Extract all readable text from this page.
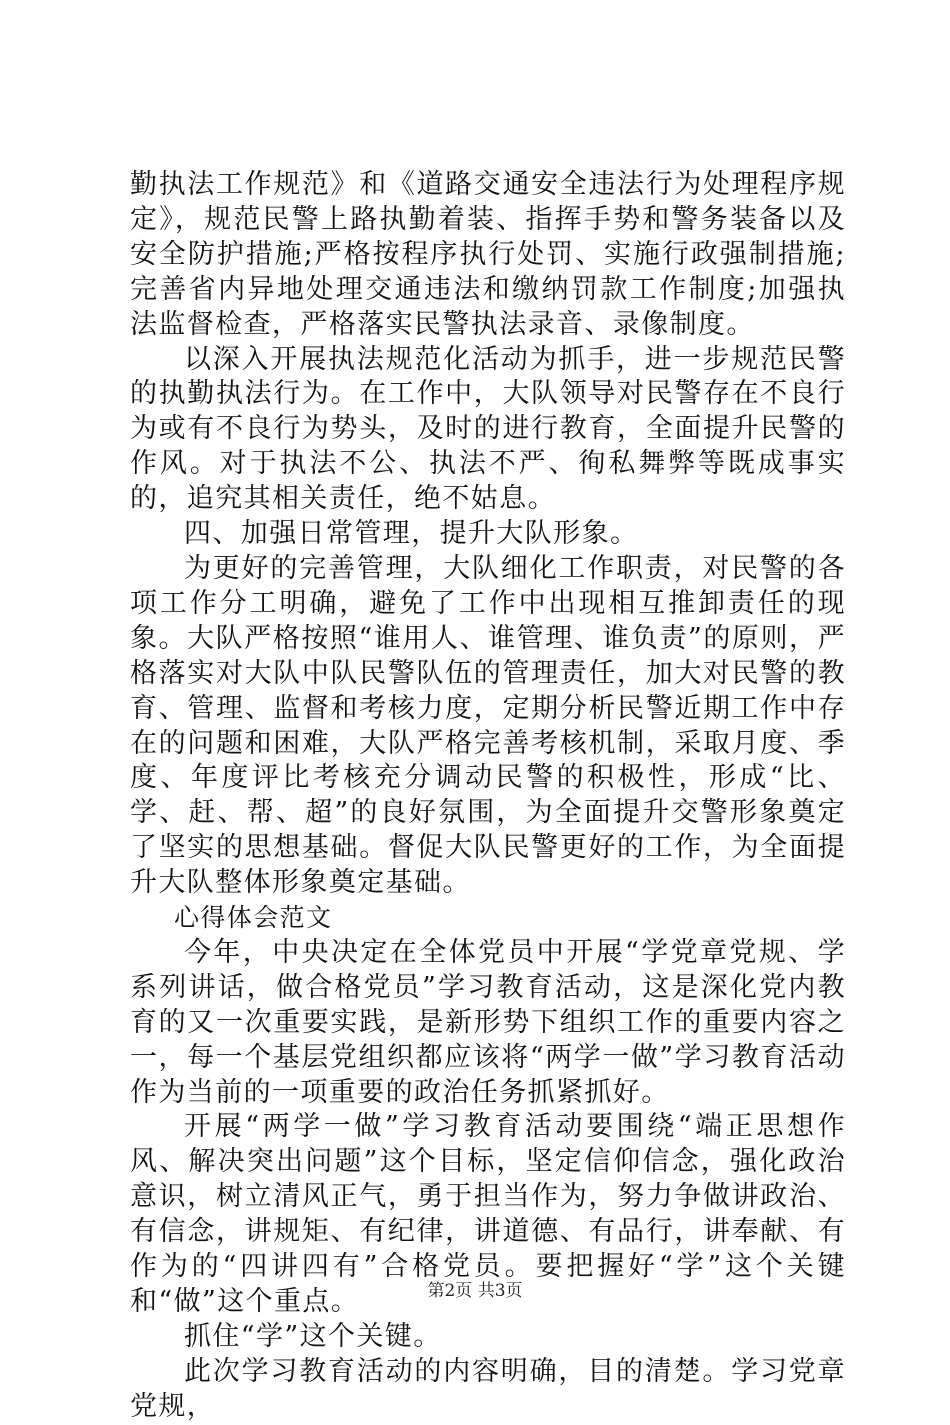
勤执法工作规范》和《道路交通安全违法行为处理程序规定》，规范民警上路执勤着装、指挥手势和警务装备以及安全防护措施;严格按程序执行处罚、实施行政强制措施;完善省内异地处理交通违法和缴纳罚款工作制度;加强执法监督检查，严格落实民警执法录音、录像制度。

以深入开展执法规范化活动为抓手，进一步规范民警的执勤执法行为。在工作中，大队领导对民警存在不良行为或有不良行为势头，及时的进行教育，全面提升民警的作风。对于执法不公、执法不严、徇私舞弊等既成事实的，追究其相关责任，绝不姑息。

四、加强日常管理，提升大队形象。

为更好的完善管理，大队细化工作职责，对民警的各项工作分工明确，避免了工作中出现相互推卸责任的现象。大队严格按照“谁用人、谁管理、谁负责”的原则，严格落实对大队中队民警队伍的管理责任，加大对民警的教育、管理、监督和考核力度，定期分析民警近期工作中存在的问题和困难，大队严格完善考核机制，采取月度、季度、年度评比考核充分调动民警的积极性，形成“比、学、赶、帮、超”的良好氛围，为全面提升交警形象奠定了坚实的思想基础。督促大队民警更好的工作，为全面提升大队整体形象奠定基础。

心得体会范文

今年，中央决定在全体党员中开展“学党章党规、学系列讲话，做合格党员”学习教育活动，这是深化党内教育的又一次重要实践，是新形势下组织工作的重要内容之一，每一个基层党组织都应该将“两学一做”学习教育活动作为当前的一项重要的政治任务抓紧抓好。

开展“两学一做”学习教育活动要围绕“端正思想作风、解决突出问题”这个目标，坚定信仰信念，强化政治意识，树立清风正气，勇于担当作为，努力争做讲政治、有信念，讲规矩、有纪律，讲道德、有品行，讲奉献、有作为的“四讲四有”合格党员。要把握好“学”这个关键和“做”这个重点。

抓住“学”这个关键。

此次学习教育活动的内容明确，目的清楚。学习党章党规，

第2页 共3页
